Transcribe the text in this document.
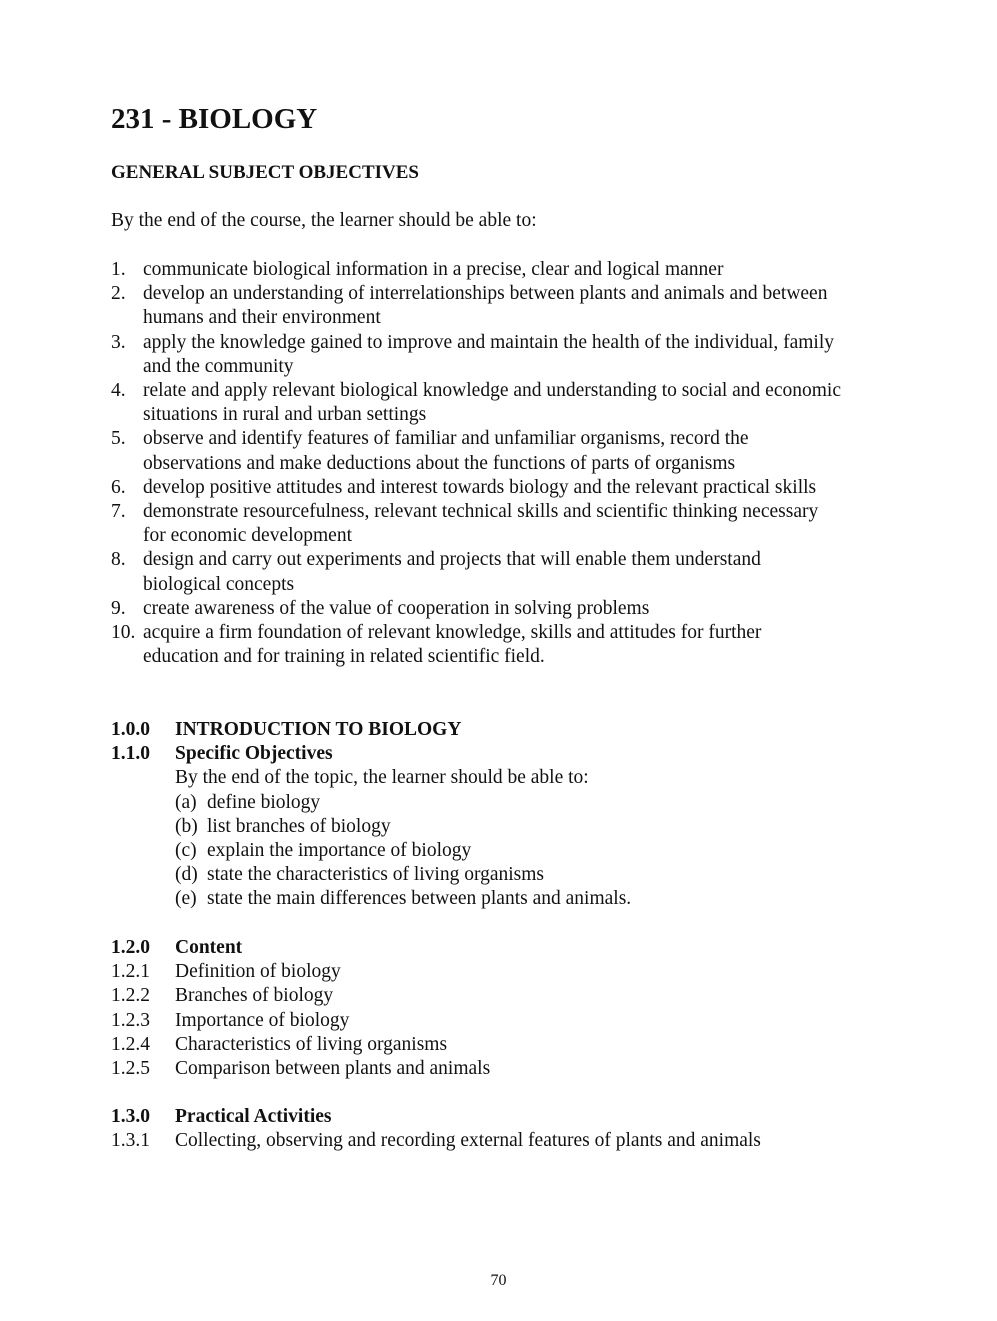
231 - BIOLOGY
GENERAL SUBJECT OBJECTIVES

By the end of the course, the learner should be able to:

1. communicate biological information in a precise, clear and logical manner
2. develop an understanding of interrelationships between plants and animals and between humans and their environment
3. apply the knowledge gained to improve and maintain the health of the individual, family and the community
4. relate and apply relevant biological knowledge and understanding to social and economic situations in rural and urban settings
5. observe and identify features of familiar and unfamiliar organisms, record the observations and make deductions about the functions of parts of organisms
6. develop positive attitudes and interest towards biology and the relevant practical skills
7. demonstrate resourcefulness, relevant technical skills and scientific thinking necessary for economic development
8. design and carry out experiments and projects that will enable them understand biological concepts
9. create awareness of the value of cooperation in solving problems
10. acquire a firm foundation of relevant knowledge, skills and attitudes for further education and for training in related scientific field.
1.0.0	INTRODUCTION TO BIOLOGY
1.1.0	Specific Objectives
By the end of the topic, the learner should be able to:
(a) define biology
(b) list branches of biology
(c) explain the importance of biology
(d) state the characteristics of living organisms
(e) state the main differences between plants and animals.
1.2.0	Content
1.2.1	Definition of biology
1.2.2	Branches of biology
1.2.3	Importance of biology
1.2.4	Characteristics of living organisms
1.2.5	Comparison between plants and animals
1.3.0	Practical Activities
1.3.1	Collecting, observing and recording external features of plants and animals
70
